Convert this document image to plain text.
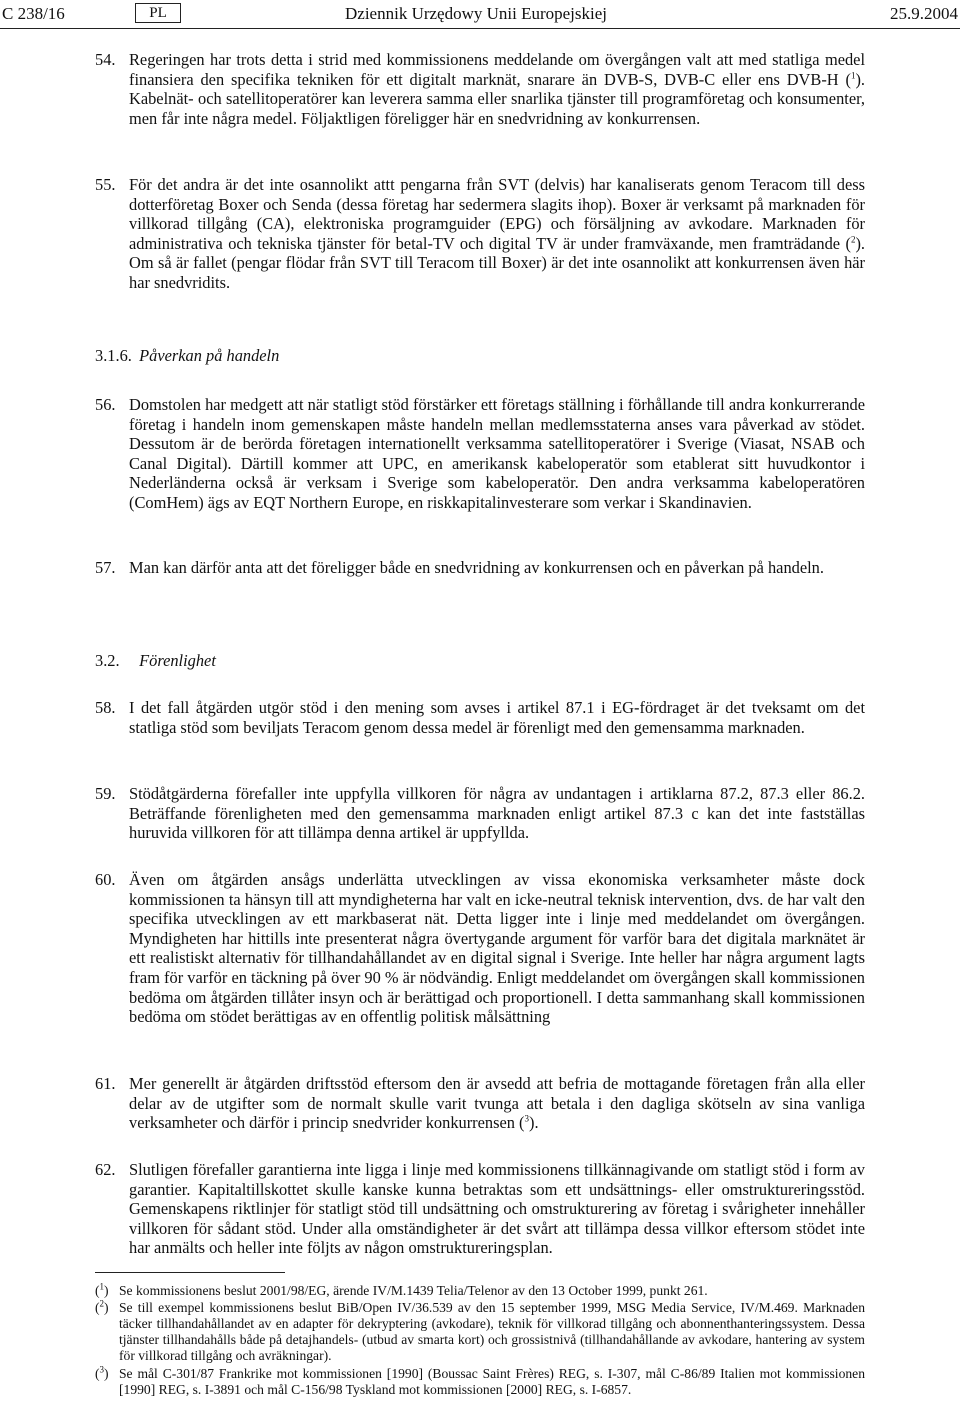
C 238/16	PL	Dziennik Urzędowy Unii Europejskiej	25.9.2004
54. Regeringen har trots detta i strid med kommissionens meddelande om övergången valt att med statliga medel finansiera den specifika tekniken för ett digitalt marknät, snarare än DVB-S, DVB-C eller ens DVB-H ($^1$). Kabelnät- och satellitoperatörer kan leverera samma eller snarlika tjänster till programföretag och konsumenter, men får inte några medel. Följaktligen föreligger här en snedvridning av konkurrensen.
55. För det andra är det inte osannolikt attt pengarna från SVT (delvis) har kanaliserats genom Teracom till dess dotterföretag Boxer och Senda (dessa företag har sedermera slagits ihop). Boxer är verksamt på marknaden för villkorad tillgång (CA), elektroniska programguider (EPG) och försäljning av avkodare. Marknaden för administrativa och tekniska tjänster för betal-TV och digital TV är under framväxande, men framträdande ($^2$). Om så är fallet (pengar flödar från SVT till Teracom till Boxer) är det inte osannolikt att konkurrensen även här har snedvridits.
3.1.6. Påverkan på handeln
56. Domstolen har medgett att när statligt stöd förstärker ett företags ställning i förhållande till andra konkurrerande företag i handeln inom gemenskapen måste handeln mellan medlemsstaterna anses vara påverkad av stödet. Dessutom är de berörda företagen internationellt verksamma satellitoperatörer i Sverige (Viasat, NSAB och Canal Digital). Därtill kommer att UPC, en amerikansk kabeloperatör som etablerat sitt huvudkontor i Nederländerna också är verksam i Sverige som kabeloperatör. Den andra verksamma kabeloperatören (ComHem) ägs av EQT Northern Europe, en riskkapitalinvesterare som verkar i Skandinavien.
57. Man kan därför anta att det föreligger både en snedvridning av konkurrensen och en påverkan på handeln.
3.2. Förenlighet
58. I det fall åtgärden utgör stöd i den mening som avses i artikel 87.1 i EG-fördraget är det tveksamt om det statliga stöd som beviljats Teracom genom dessa medel är förenligt med den gemensamma marknaden.
59. Stödåtgärderna förefaller inte uppfylla villkoren för några av undantagen i artiklarna 87.2, 87.3 eller 86.2. Beträffande förenligheten med den gemensamma marknaden enligt artikel 87.3 c kan det inte fastställas huruvida villkoren för att tillämpa denna artikel är uppfyllda.
60. Även om åtgärden ansågs underlätta utvecklingen av vissa ekonomiska verksamheter måste dock kommissionen ta hänsyn till att myndigheterna har valt en icke-neutral teknisk intervention, dvs. de har valt den specifika utvecklingen av ett markbaserat nät. Detta ligger inte i linje med meddelandet om övergången. Myndigheten har hittills inte presenterat några övertygande argument för varför bara det digitala marknätet är ett realistiskt alternativ för tillhandahållandet av en digital signal i Sverige. Inte heller har några argument lagts fram för varför en täckning på över 90 % är nödvändig. Enligt meddelandet om övergången skall kommissionen bedöma om åtgärden tillåter insyn och är berättigad och proportionell. I detta sammanhang skall kommissionen bedöma om stödet berättigas av en offentlig politisk målsättning
61. Mer generellt är åtgärden driftsstöd eftersom den är avsedd att befria de mottagande företagen från alla eller delar av de utgifter som de normalt skulle varit tvunga att betala i den dagliga skötseln av sina vanliga verksamheter och därför i princip snedvrider konkurrensen ($^3$).
62. Slutligen förefaller garantierna inte ligga i linje med kommissionens tillkännagivande om statligt stöd i form av garantier. Kapitaltillskottet skulle kanske kunna betraktas som ett undsättnings- eller omstruktureringsstöd. Gemenskapens riktlinjer för statligt stöd till undsättning och omstrukturering av företag i svårigheter innehåller villkoren för sådant stöd. Under alla omständigheter är det svårt att tillämpa dessa villkor eftersom stödet inte har anmälts och heller inte följts av någon omstruktureringsplan.
($^1$) Se kommissionens beslut 2001/98/EG, ärende IV/M.1439 Telia/Telenor av den 13 October 1999, punkt 261.
($^2$) Se till exempel kommissionens beslut BiB/Open IV/36.539 av den 15 september 1999, MSG Media Service, IV/M.469. Marknaden täcker tillhandahållandet av en adapter för dekryptering (avkodare), teknik för villkorad tillgång och abonnenthanteringssystem. Dessa tjänster tillhandahålls både på detajhandels- (utbud av smarta kort) och grossistnivå (tillhandahållande av avkodare, hantering av system för villkorad tillgång och avräkningar).
($^3$) Se mål C-301/87 Frankrike mot kommissionen [1990] (Boussac Saint Frères) REG, s. I-307, mål C-86/89 Italien mot kommissionen [1990] REG, s. I-3891 och mål C-156/98 Tyskland mot kommissionen [2000] REG, s. I-6857.
